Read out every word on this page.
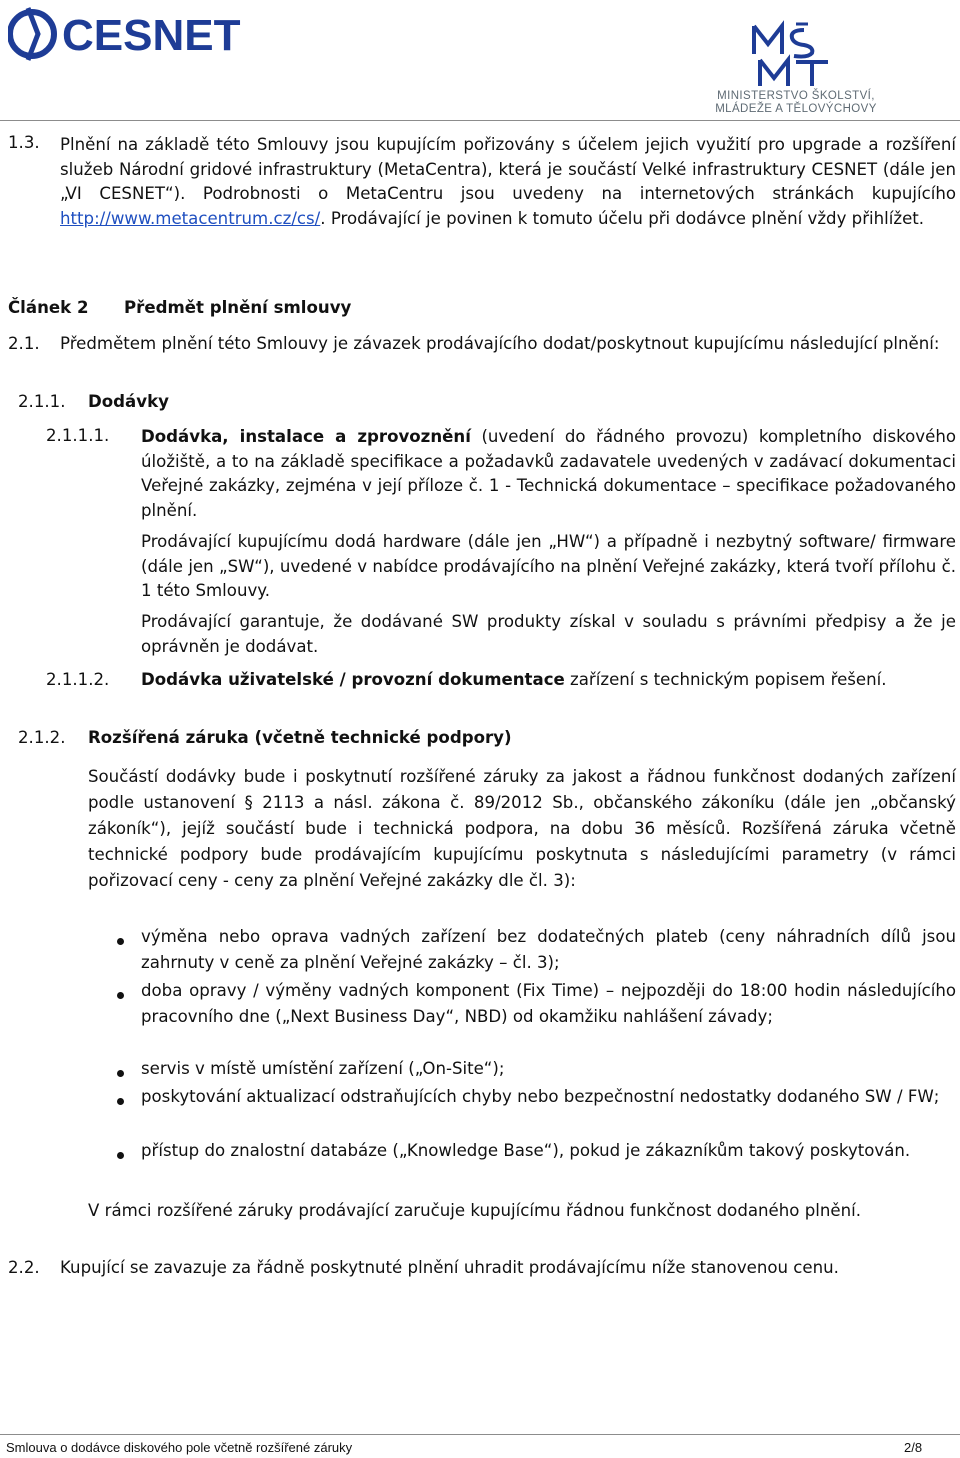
CESNET
MINISTERSTVO ŠKOLSTVÍ,
MLÁDEŽE A TĚLOVÝCHOVY
1.3. Plnění na základě této Smlouvy jsou kupujícím pořizovány s účelem jejich využití pro upgrade a rozšíření služeb Národní gridové infrastruktury (MetaCentra), která je součástí Velké infrastruktury CESNET (dále jen „VI CESNET“). Podrobnosti o MetaCentru jsou uvedeny na internetových stránkách kupujícího http://www.metacentrum.cz/cs/. Prodávající je povinen k tomuto účelu při dodávce plnění vždy přihlížet.
Článek 2 Předmět plnění smlouvy
2.1. Předmětem plnění této Smlouvy je závazek prodávajícího dodat/poskytnout kupujícímu následující plnění:
2.1.1. Dodávky
2.1.1.1. Dodávka, instalace a zprovoznění (uvedení do řádného provozu) kompletního diskového úložiště, a to na základě specifikace a požadavků zadavatele uvedených v zadávací dokumentaci Veřejné zakázky, zejména v její příloze č. 1 - Technická dokumentace – specifikace požadovaného plnění.
Prodávající kupujícímu dodá hardware (dále jen „HW“) a případně i nezbytný software/ firmware (dále jen „SW“), uvedené v nabídce prodávajícího na plnění Veřejné zakázky, která tvoří přílohu č. 1 této Smlouvy.
Prodávající garantuje, že dodávané SW produkty získal v souladu s právními předpisy a že je oprávněn je dodávat.
2.1.1.2. Dodávka uživatelské / provozní dokumentace zařízení s technickým popisem řešení.
2.1.2. Rozšířená záruka (včetně technické podpory)
Součástí dodávky bude i poskytnutí rozšířené záruky za jakost a řádnou funkčnost dodaných zařízení podle ustanovení § 2113 a násl. zákona č. 89/2012 Sb., občanského zákoníku (dále jen „občanský zákoník“), jejíž součástí bude i technická podpora, na dobu 36 měsíců. Rozšířená záruka včetně technické podpory bude prodávajícím kupujícímu poskytnuta s následujícími parametry (v rámci pořizovací ceny - ceny za plnění Veřejné zakázky dle čl. 3):
výměna nebo oprava vadných zařízení bez dodatečných plateb (ceny náhradních dílů jsou zahrnuty v ceně za plnění Veřejné zakázky – čl. 3);
doba opravy / výměny vadných komponent (Fix Time) – nejpozději do 18:00 hodin následujícího pracovního dne („Next Business Day“, NBD) od okamžiku nahlášení závady;
servis v místě umístění zařízení („On-Site“);
poskytování aktualizací odstraňujících chyby nebo bezpečnostní nedostatky dodaného SW / FW;
přístup do znalostní databáze („Knowledge Base“), pokud je zákazníkům takový poskytován.
V rámci rozšířené záruky prodávající zaručuje kupujícímu řádnou funkčnost dodaného plnění.
2.2. Kupující se zavazuje za řádně poskytnuté plnění uhradit prodávajícímu níže stanovenou cenu.
Smlouva o dodávce diskového pole včetně rozšířené záruky	2/8
